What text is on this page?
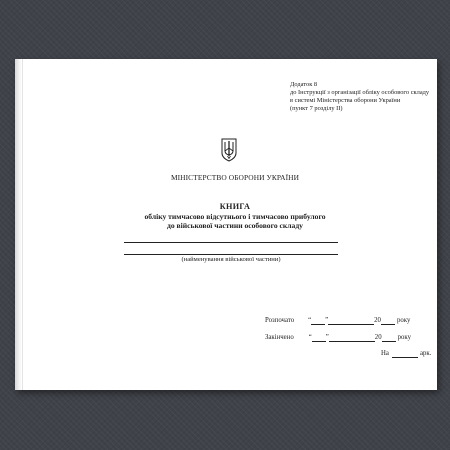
Додаток 8
до Інструкції з організації обліку особового складу
в системі Міністерства оборони України
(пункт 7 розділу ІІ)
МІНІСТЕРСТВО ОБОРОНИ УКРАЇНИ
КНИГА
обліку тимчасово відсутнього і тимчасово прибулого
до військової частини особового складу
(найменування військової частини)
Розпочато “ ”	20 року
Закінчено “ ”	20 року
На	арк.
